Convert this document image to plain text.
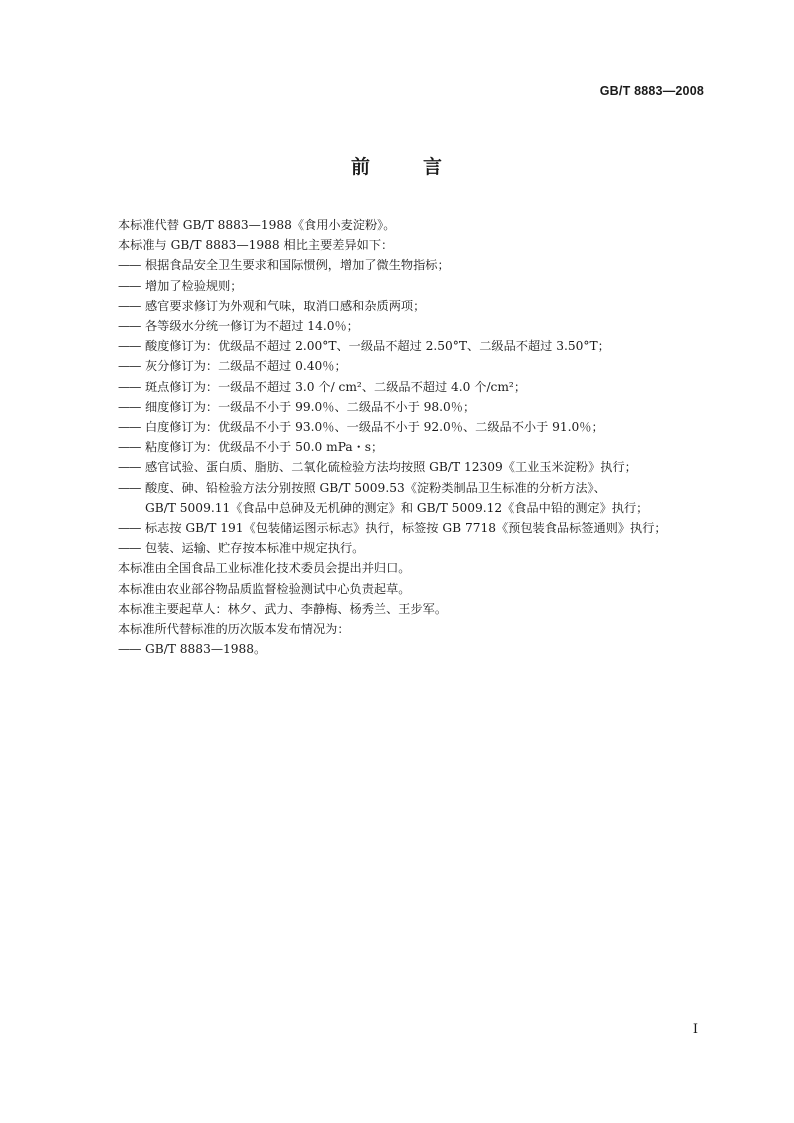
GB/T 8883—2008
前	言
本标准代替 GB/T 8883—1988《食用小麦淀粉》。
本标准与 GB/T 8883—1988 相比主要差异如下：
—— 根据食品安全卫生要求和国际惯例，增加了微生物指标；
—— 增加了检验规则；
—— 感官要求修订为外观和气味，取消口感和杂质两项；
—— 各等级水分统一修订为不超过 14.0％；
—— 酸度修订为：优级品不超过 2.00°T、一级品不超过 2.50°T、二级品不超过 3.50°T；
—— 灰分修订为：二级品不超过 0.40％；
—— 斑点修订为：一级品不超过 3.0 个/ cm²、二级品不超过 4.0 个/cm²；
—— 细度修订为：一级品不小于 99.0％、二级品不小于 98.0％；
—— 白度修订为：优级品不小于 93.0％、一级品不小于 92.0％、二级品不小于 91.0％；
—— 粘度修订为：优级品不小于 50.0 mPa・s；
—— 感官试验、蛋白质、脂肪、二氧化硫检验方法均按照 GB/T 12309《工业玉米淀粉》执行；
—— 酸度、砷、铅检验方法分别按照 GB/T 5009.53《淀粉类制品卫生标准的分析方法》、
GB/T 5009.11《食品中总砷及无机砷的测定》和 GB/T 5009.12《食品中铅的测定》执行；
—— 标志按 GB/T 191《包装储运图示标志》执行，标签按 GB 7718《预包装食品标签通则》执行；
—— 包装、运输、贮存按本标准中规定执行。
本标准由全国食品工业标准化技术委员会提出并归口。
本标准由农业部谷物品质监督检验测试中心负责起草。
本标准主要起草人：林夕、武力、李静梅、杨秀兰、王步军。
本标准所代替标准的历次版本发布情况为：
—— GB/T 8883—1988。
I
